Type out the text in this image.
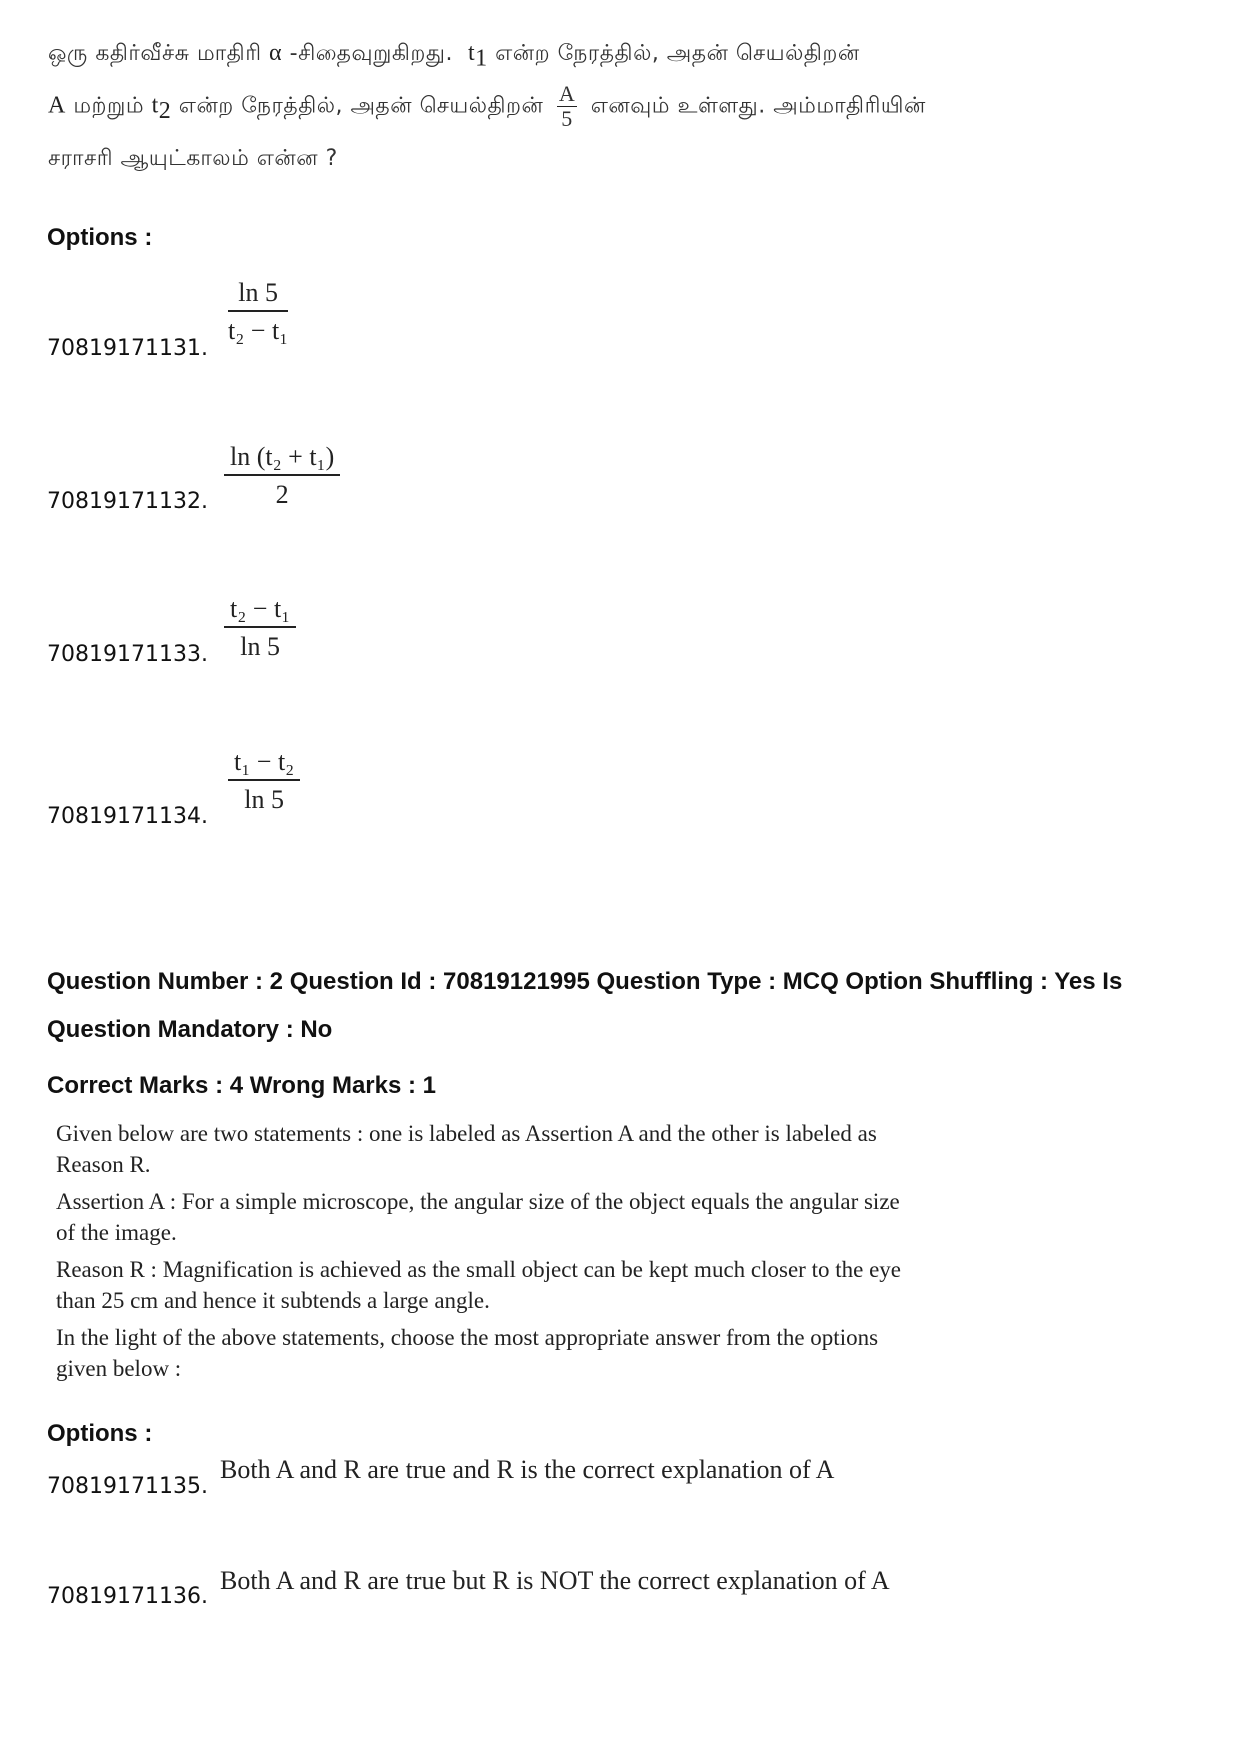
ஒரு கதிர்வீச்சு மாதிரி α -சிதைவுறுகிறது. $t_1$ என்ற நேரத்தில், அதன் செயல்திறன்
A மற்றும் $t_2$ என்ற நேரத்தில், அதன் செயல்திறன் $\frac{A}{5}$ எனவும் உள்ளது. அம்மாதிரியின்
சராசரி ஆயுட்காலம் என்ன ?
Options :
70819171131.
$\frac{\ln 5}{\text{t₂ − t₁}}$
70819171132. $\frac{\text{ln (t₂ + t₁)}}{2}$
70819171133. $\frac{\text{t₂ − t₁}}{\ln 5}$
70819171134.
$\frac{\text{t₁ − t₂}}{\ln 5}$
Question Number : 2 Question Id : 70819121995 Question Type : MCQ Option Shuffling : Yes Is
Question Mandatory : No
Correct Marks : 4 Wrong Marks : 1
Given below are two statements : one is labeled as Assertion A and the other is labeled as
Reason R.
Assertion A : For a simple microscope, the angular size of the object equals the angular size
of the image.
Reason R : Magnification is achieved as the small object can be kept much closer to the eye
than 25 cm and hence it subtends a large angle.
In the light of the above statements, choose the most appropriate answer from the options
given below :
Options :
70819171135.
Both A and R are true and R is the correct explanation of A
70819171136.
Both A and R are true but R is NOT the correct explanation of A
